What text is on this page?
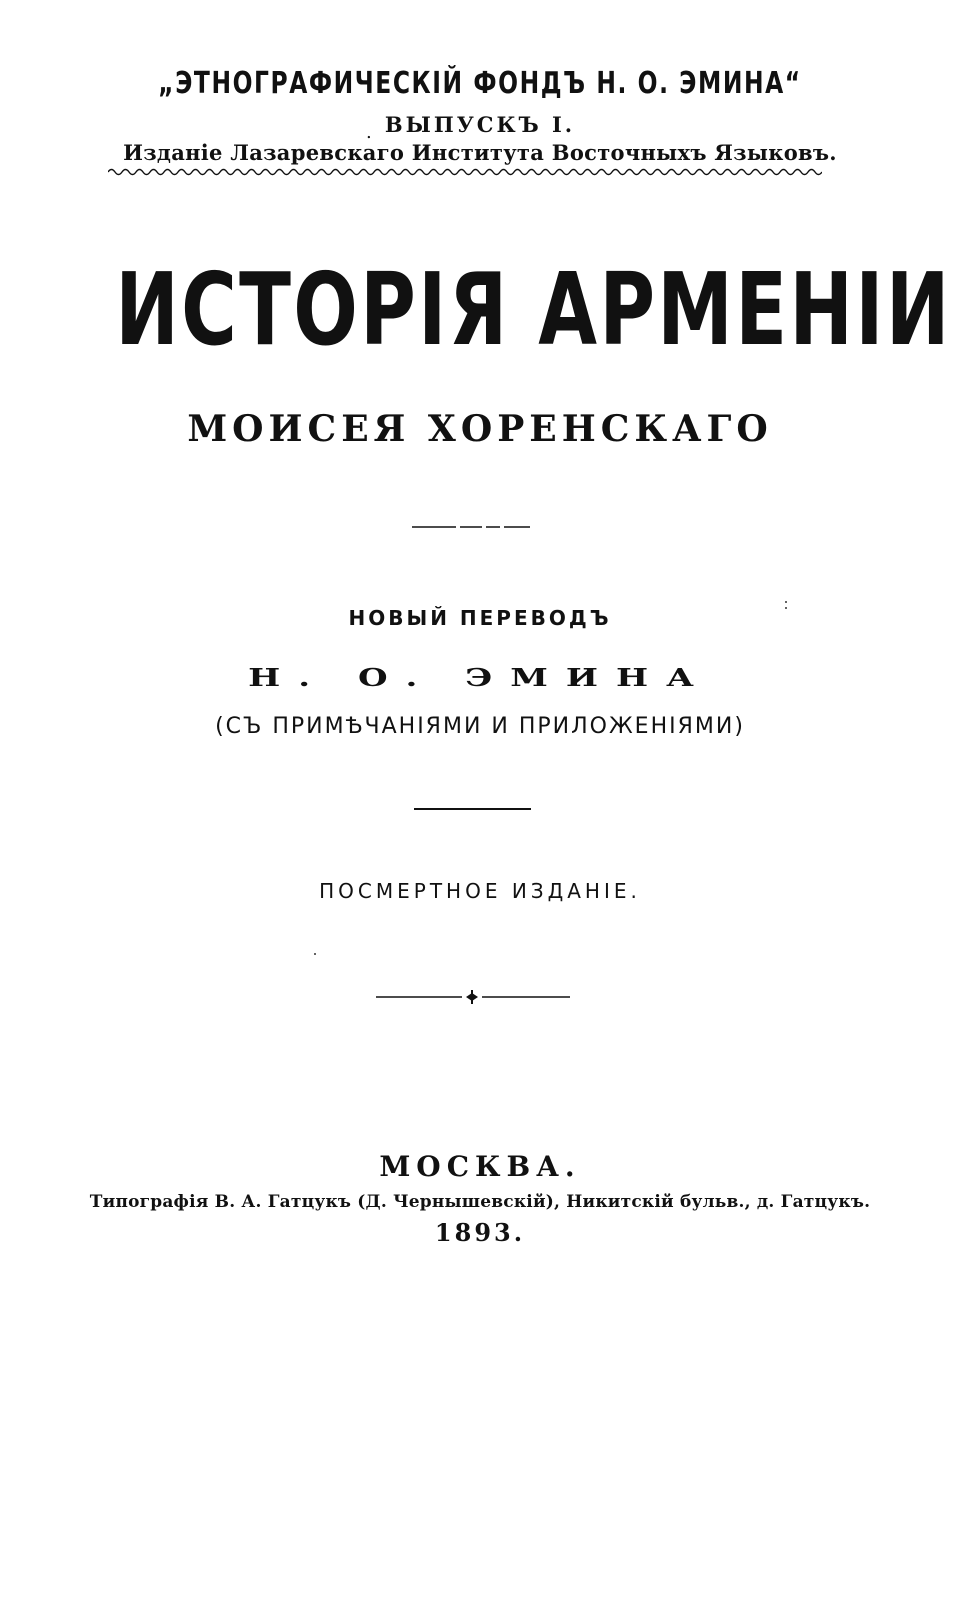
„ЭТНОГРАФИЧЕСКІЙ ФОНДЪ Н. О. ЭМИНА“
. ВЫПУСКЪ I.
Изданіе Лазаревскаго Института Восточныхъ Языковъ.
ИСТОРІЯ АРМЕНІИ
МОИСЕЯ ХОРЕНСКАГО
НОВЫЙ ПЕРЕВОДЪ
Н. О. ЭМИНА
(СЪ ПРИМѢЧАНІЯМИ И ПРИЛОЖЕНІЯМИ)
ПОСМЕРТНОЕ ИЗДАНІЕ.
МОСКВА.
Типографія В. А. Гатцукъ (Д. Чернышевскій), Никитскій бульв., д. Гатцукъ.
1893.
